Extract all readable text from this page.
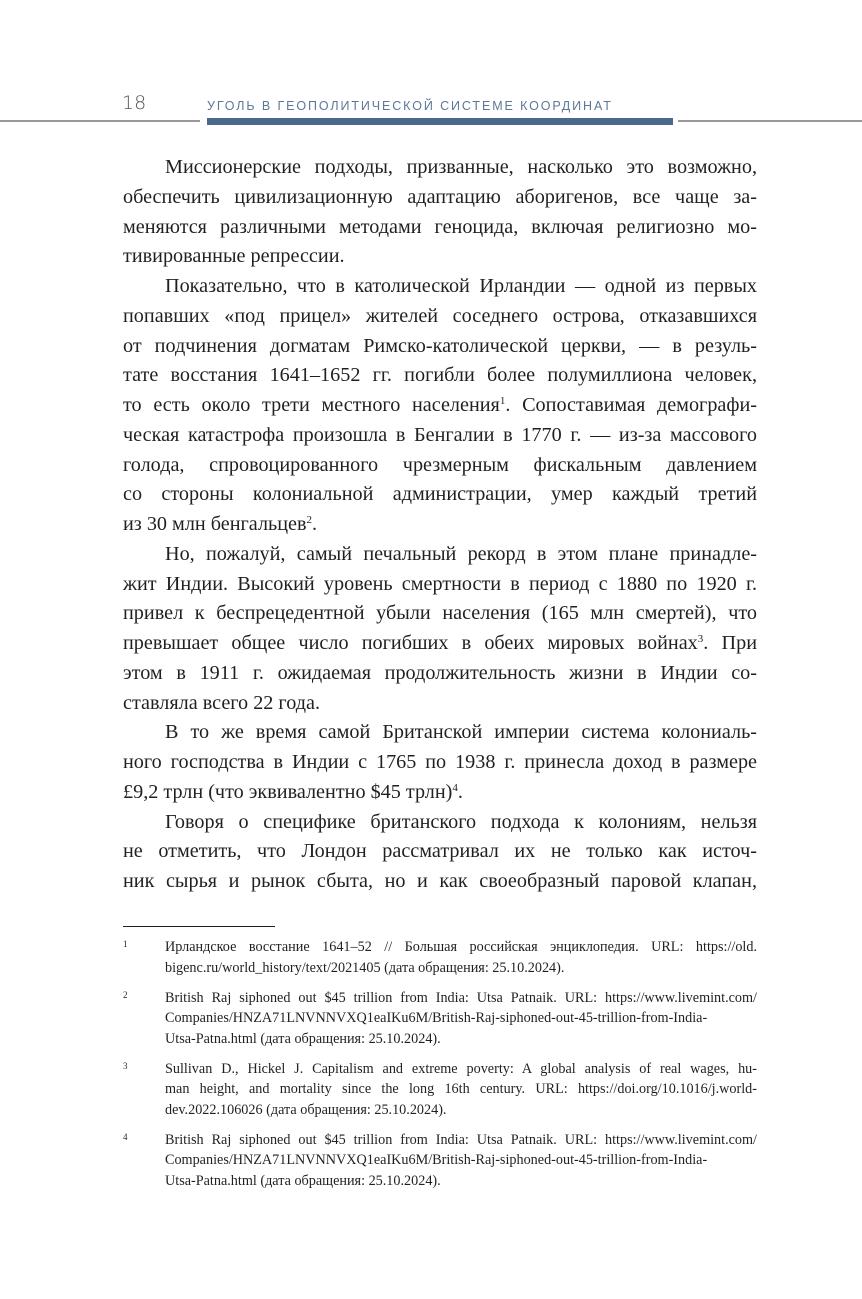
18	УГОЛЬ В ГЕОПОЛИТИЧЕСКОЙ СИСТЕМЕ КООРДИНАТ
Миссионерские подходы, призванные, насколько это возможно,
обеспечить цивилизационную адаптацию аборигенов, все чаще за-
меняются различными методами геноцида, включая религиозно мо-
тивированные репрессии.
Показательно, что в католической Ирландии — одной из первых
попавших «под прицел» жителей соседнего острова, отказавшихся
от подчинения догматам Римско-католической церкви, — в резуль-
тате восстания 1641–1652 гг. погибли более полумиллиона человек,
то есть около трети местного населения$^1$. Сопоставимая демографи-
ческая катастрофа произошла в Бенгалии в 1770 г. — из-за массового
голода, спровоцированного чрезмерным фискальным давлением
со стороны колониальной администрации, умер каждый третий
из 30 млн бенгальцев$^2$.
Но, пожалуй, самый печальный рекорд в этом плане принадле-
жит Индии. Высокий уровень смертности в период с 1880 по 1920 г.
привел к беспрецедентной убыли населения (165 млн смертей), что
превышает общее число погибших в обеих мировых войнах$^3$. При
этом в 1911 г. ожидаемая продолжительность жизни в Индии со-
ставляла всего 22 года.
В то же время самой Британской империи система колониаль-
ного господства в Индии с 1765 по 1938 г. принесла доход в размере
£9,2 трлн (что эквивалентно $45 трлн)$^4$.
Говоря о специфике британского подхода к колониям, нельзя
не отметить, что Лондон рассматривал их не только как источ-
ник сырья и рынок сбыта, но и как своеобразный паровой клапан,
1	Ирландское восстание 1641–52 // Большая российская энциклопедия. URL: https://old.
bigenc.ru/world_history/text/2021405 (дата обращения: 25.10.2024).
2	British Raj siphoned out $45 trillion from India: Utsa Patnaik. URL: https://www.livemint.com/
Companies/HNZA71LNVNNVXQ1eaIKu6M/British-Raj-siphoned-out-45-trillion-from-India-
Utsa-Patna.html (дата обращения: 25.10.2024).
3	Sullivan D., Hickel J. Capitalism and extreme poverty: A global analysis of real wages, hu-
man height, and mortality since the long 16th century. URL: https://doi.org/10.1016/j.world-
dev.2022.106026 (дата обращения: 25.10.2024).
4	British Raj siphoned out $45 trillion from India: Utsa Patnaik. URL: https://www.livemint.com/
Companies/HNZA71LNVNNVXQ1eaIKu6M/British-Raj-siphoned-out-45-trillion-from-India-
Utsa-Patna.html (дата обращения: 25.10.2024).
